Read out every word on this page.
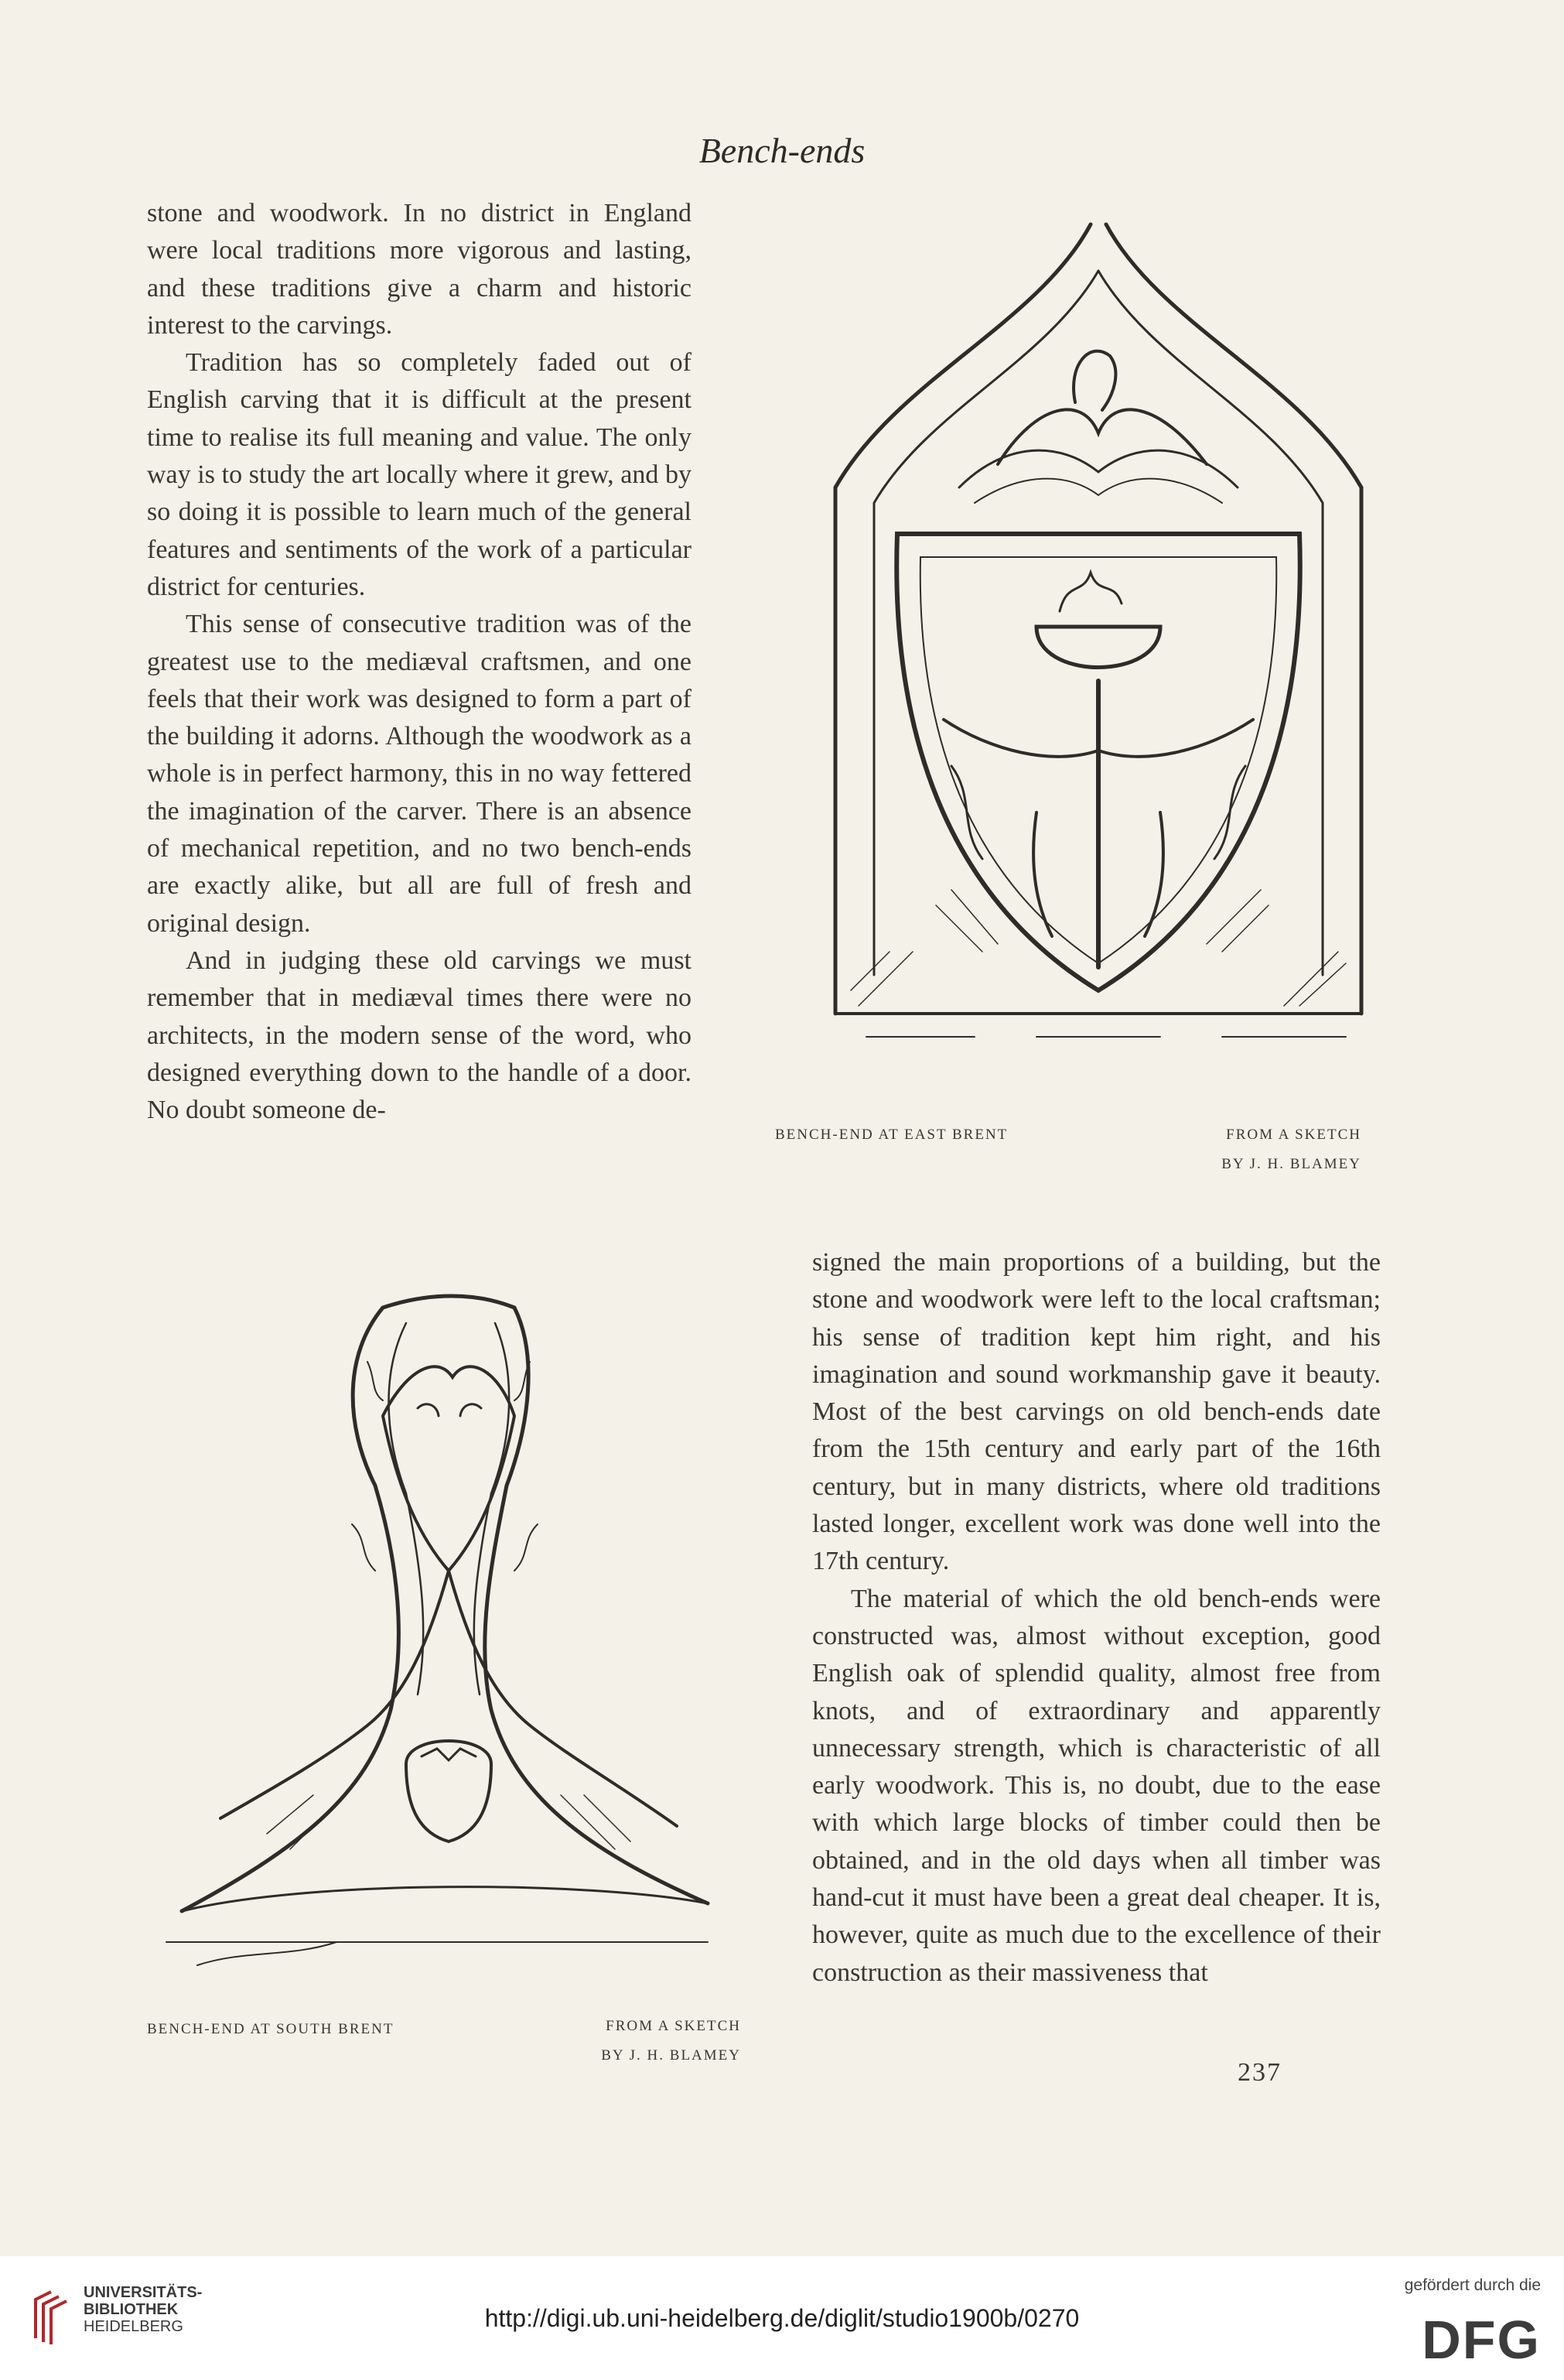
Bench-ends

stone and woodwork. In no district in England were local traditions more vigorous and lasting, and these traditions give a charm and historic interest to the carvings.

Tradition has so completely faded out of English carving that it is difficult at the present time to realise its full meaning and value. The only way is to study the art locally where it grew, and by so doing it is possible to learn much of the general features and sentiments of the work of a particular district for centuries.

This sense of consecutive tradition was of the greatest use to the mediæval craftsmen, and one feels that their work was designed to form a part of the building it adorns. Although the woodwork as a whole is in perfect harmony, this in no way fettered the imagination of the carver. There is an absence of mechanical repetition, and no two bench-ends are exactly alike, but all are full of fresh and original design.

And in judging these old carvings we must remember that in mediæval times there were no architects, in the modern sense of the word, who designed everything down to the handle of a door. No doubt someone de-

BENCH-END AT EAST BRENT	FROM A SKETCH
BY J. H. BLAMEY
BENCH-END AT SOUTH BRENT	FROM A SKETCH
BY J. H. BLAMEY

signed the main proportions of a building, but the stone and woodwork were left to the local craftsman; his sense of tradition kept him right, and his imagination and sound workmanship gave it beauty. Most of the best carvings on old bench-ends date from the 15th century and early part of the 16th century, but in many districts, where old traditions lasted longer, excellent work was done well into the 17th century.

The material of which the old bench-ends were constructed was, almost without exception, good English oak of splendid quality, almost free from knots, and of extraordinary and apparently unnecessary strength, which is characteristic of all early woodwork. This is, no doubt, due to the ease with which large blocks of timber could then be obtained, and in the old days when all timber was hand-cut it must have been a great deal cheaper. It is, however, quite as much due to the excellence of their construction as their massiveness that

237
UNIVERSITÄTS-
BIBLIOTHEK
HEIDELBERG	http://digi.ub.uni-heidelberg.de/diglit/studio1900b/0270
gefördert durch die
DFG
